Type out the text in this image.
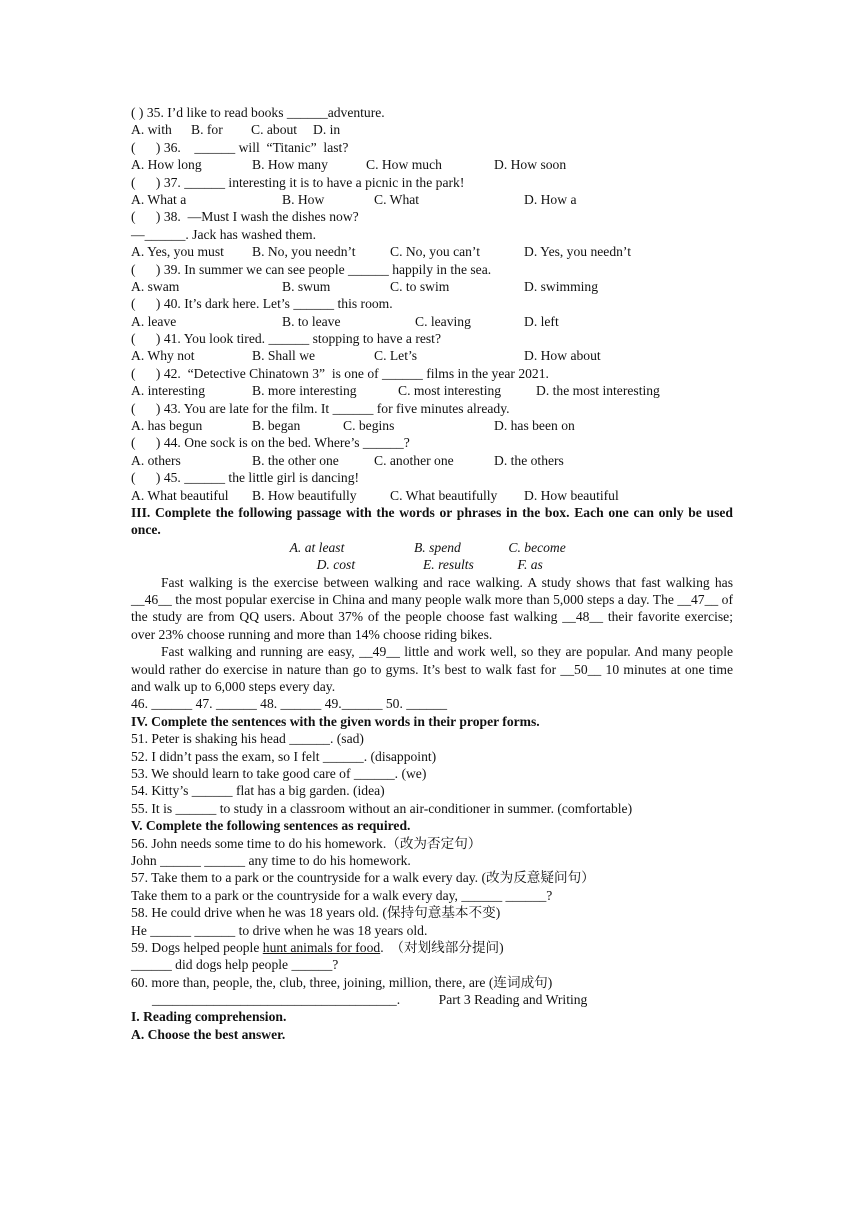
( ) 35. I’d like to read books ______adventure.
A. with B. for C. about D. in
(      ) 36.    ______ will  “Titanic”  last?
A. How long	B. How many	C. How much	D. How soon
(      ) 37. ______ interesting it is to have a picnic in the park!
A. What a	B. How	C. What	D. How a
(      ) 38.  —Must I wash the dishes now?
—______. Jack has washed them.
A. Yes, you must B. No, you needn’t	C. No, you can’t	D. Yes, you needn’t
(      ) 39. In summer we can see people ______ happily in the sea.
A. swam	B. swum	C. to swim	D. swimming
(      ) 40. It’s dark here. Let’s ______ this room.
A. leave	B. to leave	C. leaving	D. left
(      ) 41. You look tired. ______ stopping to have a rest?
A. Why not	B. Shall we	C. Let’s	D. How about
(      ) 42.  “Detective Chinatown 3”  is one of ______ films in the year 2021.
A. interesting	B. more interesting	C. most interesting	D. the most interesting
(      ) 43. You are late for the film. It ______ for five minutes already.
A. has begun	B. began	C. begins	D. has been on
(      ) 44. One sock is on the bed. Where’s ______?
A. others	B. the other one	C. another one	D. the others
(      ) 45. ______ the little girl is dancing!
A. What beautiful B. How beautifully C. What beautifully D. How beautiful
III. Complete the following passage with the words or phrases in the box. Each one can only be used once.
A. at least	B. spend	C. become
D. cost	E. results	F. as
Fast walking is the exercise between walking and race walking. A study shows that fast walking has __46__ the most popular exercise in China and many people walk more than 5,000 steps a day. The __47__ of the study are from QQ users. About 37% of the people choose fast walking __48__ their favorite exercise; over 23% choose running and more than 14% choose riding bikes.
Fast walking and running are easy, __49__ little and work well, so they are popular. And many people would rather do exercise in nature than go to gyms. It’s best to walk fast for __50__ 10 minutes at one time and walk up to 6,000 steps every day.
46. ______ 47. ______ 48. ______ 49.______ 50. ______
IV. Complete the sentences with the given words in their proper forms.
51. Peter is shaking his head ______. (sad)
52. I didn’t pass the exam, so I felt ______. (disappoint)
53. We should learn to take good care of ______. (we)
54. Kitty’s ______ flat has a big garden. (idea)
55. It is ______ to study in a classroom without an air-conditioner in summer. (comfortable)
V. Complete the following sentences as required.
56. John needs some time to do his homework.（改为否定句）
John ______ ______ any time to do his homework.
57. Take them to a park or the countryside for a walk every day. (改为反意疑问句）
Take them to a park or the countryside for a walk every day, ______ ______?
58. He could drive when he was 18 years old. (保持句意基本不变)
He ______ ______ to drive when he was 18 years old.
59. Dogs helped people hunt animals for food.  （对划线部分提问)
______ did dogs help people ______?
60. more than, people, the, club, three, joining, million, there, are (连词成句)
____________________________________.	Part 3 Reading and Writing
I. Reading comprehension.
A. Choose the best answer.
